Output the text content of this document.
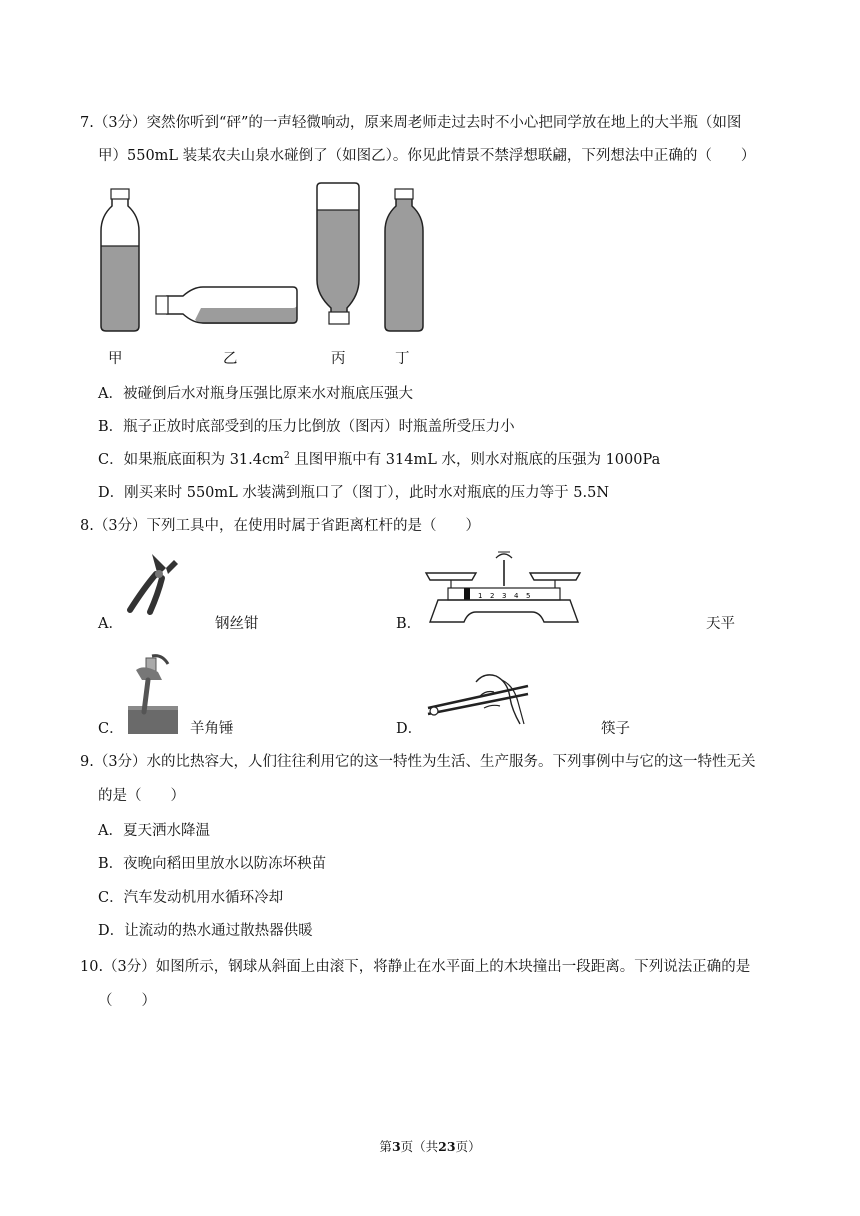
7.（3分）突然你听到“砰”的一声轻微响动，原来周老师走过去时不小心把同学放在地上的大半瓶（如图
甲）550mL 装某农夫山泉水碰倒了（如图乙）。你见此情景不禁浮想联翩，下列想法中正确的（　　）
甲	乙	丙	丁
A．被碰倒后水对瓶身压强比原来水对瓶底压强大
B．瓶子正放时底部受到的压力比倒放（图丙）时瓶盖所受压力小
C．如果瓶底面积为 $31.4cm^2$ 且图甲瓶中有 314mL 水，则水对瓶底的压强为 1000Pa
D．刚买来时 550mL 水装满到瓶口了（图丁），此时水对瓶底的压力等于 5.5N
8.（3分）下列工具中，在使用时属于省距离杠杆的是（　　）
A．	钢丝钳	B．
1 2 3 4 5
天平
C．	羊角锤	D．	筷子
9.（3分）水的比热容大，人们往往利用它的这一特性为生活、生产服务。下列事例中与它的这一特性无关
的是（　　）
A．夏天洒水降温
B．夜晚向稻田里放水以防冻坏秧苗
C．汽车发动机用水循环冷却
D．让流动的热水通过散热器供暖
10.（3分）如图所示，钢球从斜面上由滚下，将静止在水平面上的木块撞出一段距离。下列说法正确的是
（　　）
第3页（共23页）
